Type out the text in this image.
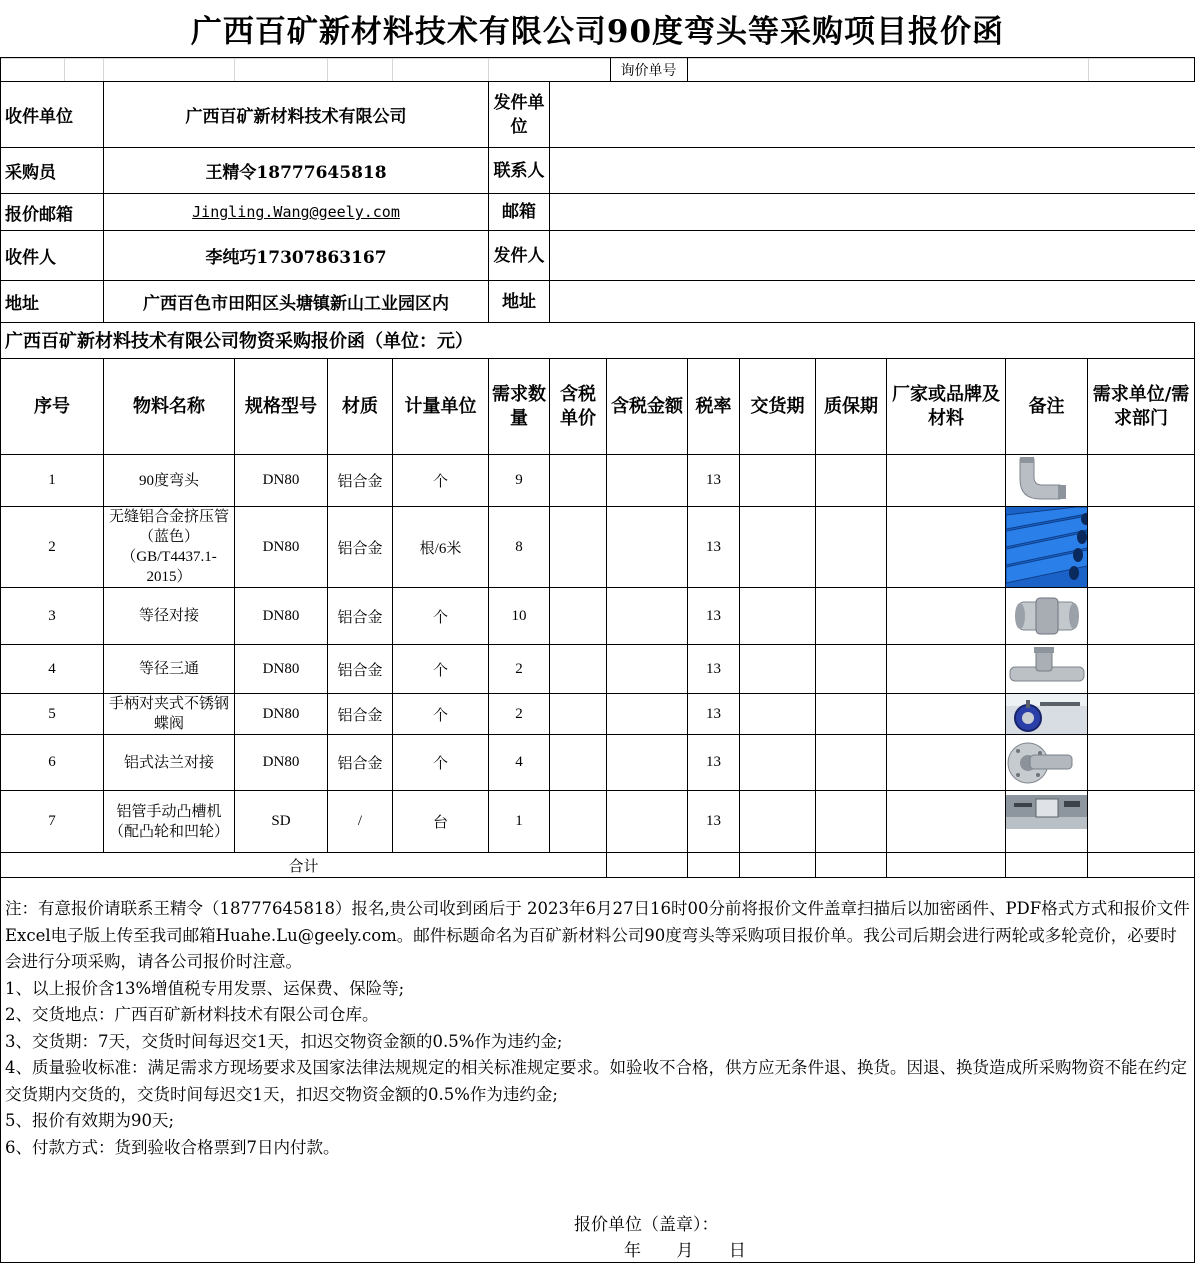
广西百矿新材料技术有限公司90度弯头等采购项目报价函
询价单号
收件单位	广西百矿新材料技术有限公司	发件单位	
采购员	王精令18777645818	联系人	
报价邮箱	Jingling.Wang@geely.com	邮箱	
收件人	李纯巧17307863167	发件人	
地址	广西百色市田阳区头塘镇新山工业园区内	地址	
广西百矿新材料技术有限公司物资采购报价函（单位：元）
序号	物料名称	规格型号	材质	计量单位	需求数量	含税单价	含税金额	税率	交货期	质保期	厂家或品牌及材料	备注	需求单位/需求部门
1	90度弯头	DN80	铝合金	个	9			13				

2	无缝铝合金挤压管（蓝色）（GB/T4437.1-2015）	DN80	铝合金	根/6米	8			13				

3	等径对接	DN80	铝合金	个	10			13				

4	等径三通	DN80	铝合金	个	2			13				

5	手柄对夹式不锈钢蝶阀	DN80	铝合金	个	2			13				

6	铝式法兰对接	DN80	铝合金	个	4			13				

7	铝管手动凸槽机（配凸轮和凹轮）	SD	/	台	1			13				

合计													

注：有意报价请联系王精令（18777645818）报名,贵公司收到函后于 2023年6月27日16时00分前将报价文件盖章扫描后以加密函件、PDF格式方式和报价文件Excel电子版上传至我司邮箱Huahe.Lu@geely.com。邮件标题命名为百矿新材料公司90度弯头等采购项目报价单。我公司后期会进行两轮或多轮竞价，必要时会进行分项采购，请各公司报价时注意。

1、以上报价含13%增值税专用发票、运保费、保险等;

2、交货地点：广西百矿新材料技术有限公司仓库。

3、交货期：7天，交货时间每迟交1天，扣迟交物资金额的0.5%作为违约金;

4、质量验收标准：满足需求方现场要求及国家法律法规规定的相关标准规定要求。如验收不合格，供方应无条件退、换货。因退、换货造成所采购物资不能在约定交货期内交货的，交货时间每迟交1天，扣迟交物资金额的0.5%作为违约金;

5、报价有效期为90天;

6、付款方式：货到验收合格票到7日内付款。

报价单位（盖章）：
年 月 日
